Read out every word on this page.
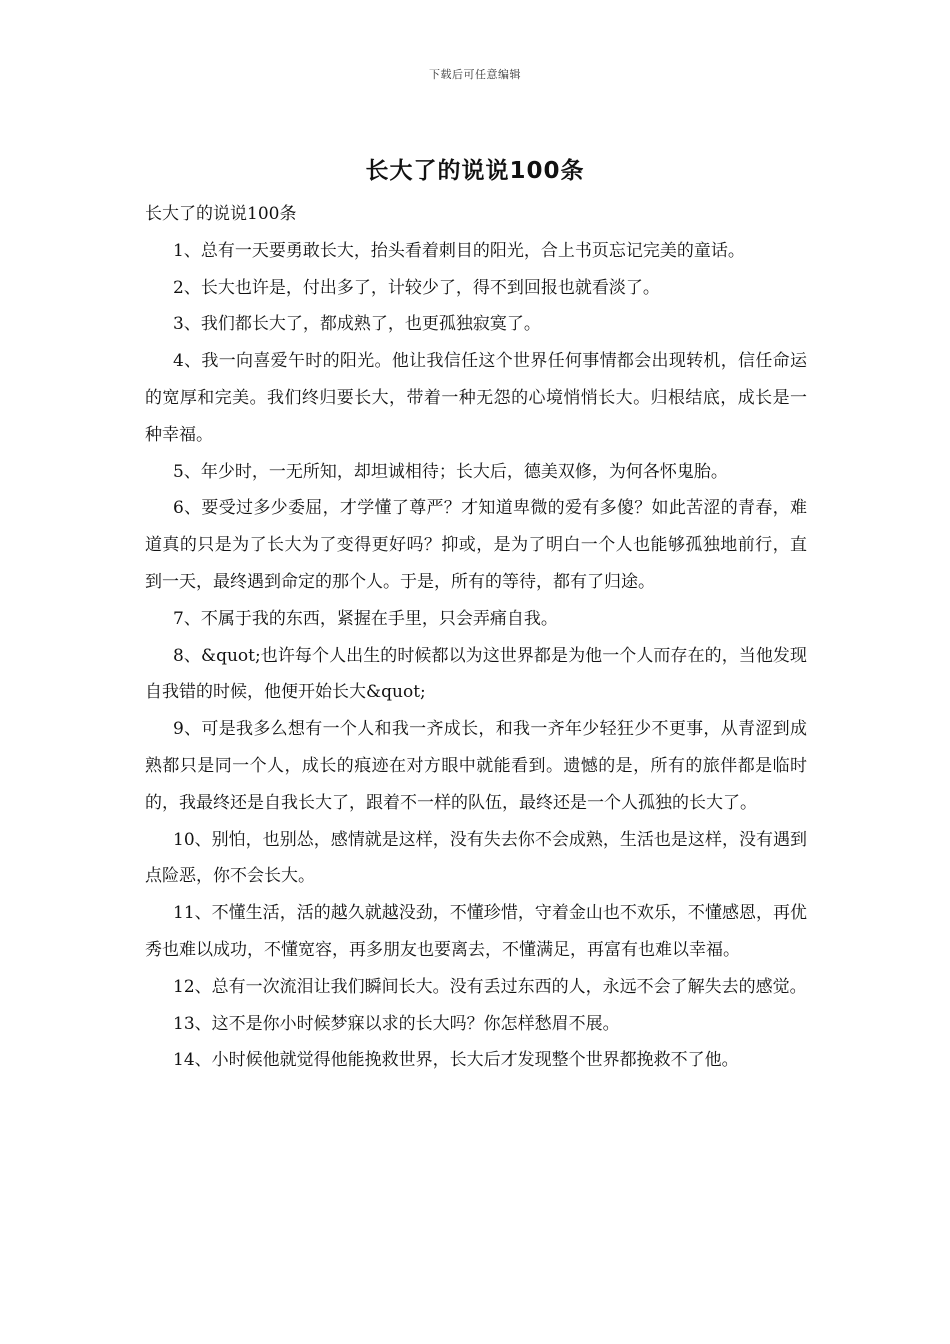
下载后可任意编辑
长大了的说说100条

长大了的说说100条

1、总有一天要勇敢长大，抬头看着刺目的阳光，合上书页忘记完美的童话。

2、长大也许是，付出多了，计较少了，得不到回报也就看淡了。

3、我们都长大了，都成熟了，也更孤独寂寞了。

4、我一向喜爱午时的阳光。他让我信任这个世界任何事情都会出现转机，信任命运的宽厚和完美。我们终归要长大，带着一种无怨的心境悄悄长大。归根结底，成长是一种幸福。

5、年少时，一无所知，却坦诚相待；长大后，德美双修，为何各怀鬼胎。

6、要受过多少委屈，才学懂了尊严？才知道卑微的爱有多傻？如此苦涩的青春，难道真的只是为了长大为了变得更好吗？抑或，是为了明白一个人也能够孤独地前行，直到一天，最终遇到命定的那个人。于是，所有的等待，都有了归途。

7、不属于我的东西，紧握在手里，只会弄痛自我。

8、&quot;也许每个人出生的时候都以为这世界都是为他一个人而存在的，当他发现自我错的时候，他便开始长大&quot;

9、可是我多么想有一个人和我一齐成长，和我一齐年少轻狂少不更事，从青涩到成熟都只是同一个人，成长的痕迹在对方眼中就能看到。遗憾的是，所有的旅伴都是临时的，我最终还是自我长大了，跟着不一样的队伍，最终还是一个人孤独的长大了。

10、别怕，也别怂，感情就是这样，没有失去你不会成熟，生活也是这样，没有遇到点险恶，你不会长大。

11、不懂生活，活的越久就越没劲，不懂珍惜，守着金山也不欢乐，不懂感恩，再优秀也难以成功，不懂宽容，再多朋友也要离去，不懂满足，再富有也难以幸福。

12、总有一次流泪让我们瞬间长大。没有丢过东西的人，永远不会了解失去的感觉。

13、这不是你小时候梦寐以求的长大吗？你怎样愁眉不展。

14、小时候他就觉得他能挽救世界，长大后才发现整个世界都挽救不了他。
